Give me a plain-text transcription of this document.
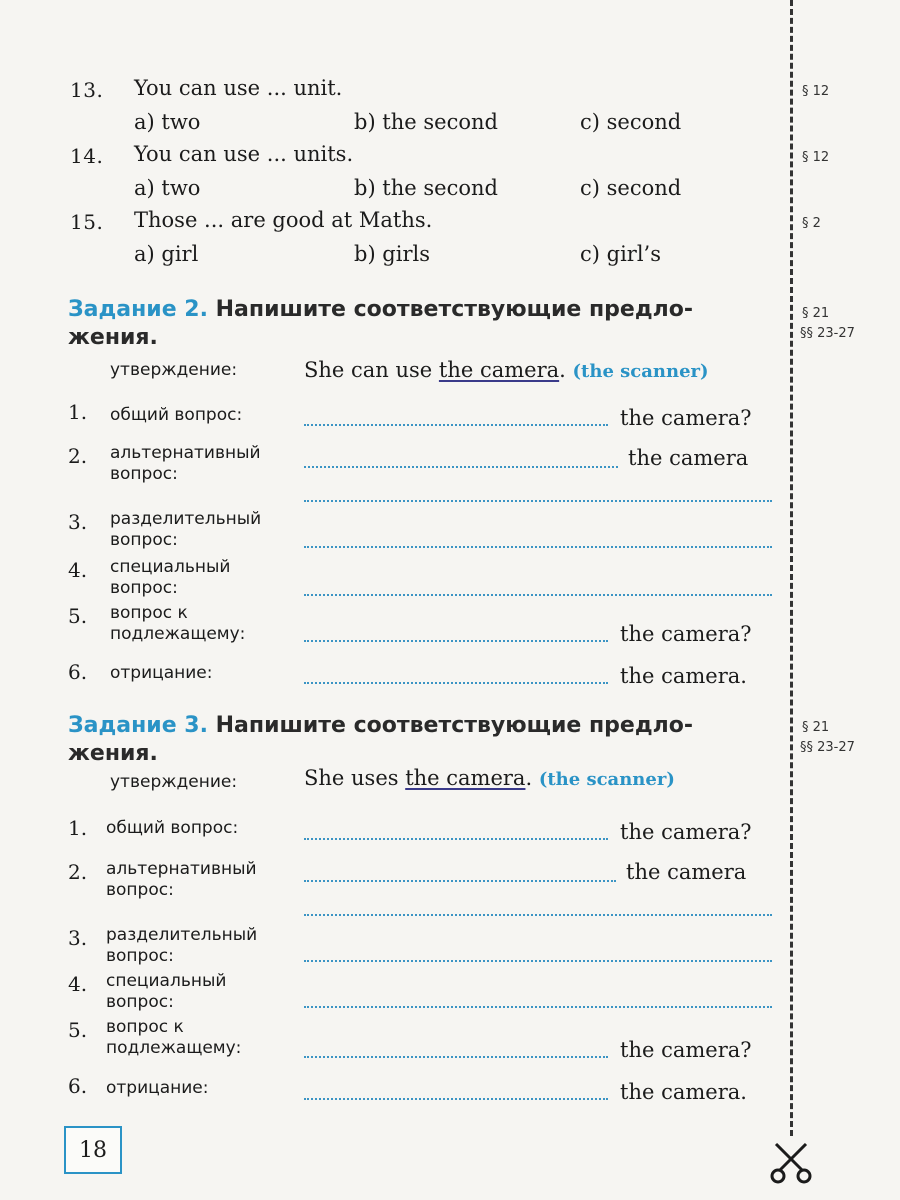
13. You can use ... unit.
a) two	b) the second	c) second
§ 12
14. You can use ... units.
a) two	b) the second	c) second
§ 12
15. Those ... are good at Maths.
a) girl	b) girls	c) girl’s
§ 2
Задание 2. Напишите соответствующие предло-
жения.
§ 21
§§ 23-27
утверждение:	She can use the camera. (the scanner)
1. общий вопрос:	the camera?
2. альтернативный вопрос:
the camera
3. разделительный вопрос:
4. специальный вопрос:
5. вопрос к подлежащему:	the camera?
6. отрицание:	the camera.
Задание 3. Напишите соответствующие предло-
жения.
§ 21
§§ 23-27
утверждение:	She uses the camera. (the scanner)
1. общий вопрос:	the camera?
2. альтернативный вопрос:
the camera
3. разделительный вопрос:
4. специальный вопрос:
5. вопрос к подлежащему:	the camera?
6. отрицание:	the camera.
18
